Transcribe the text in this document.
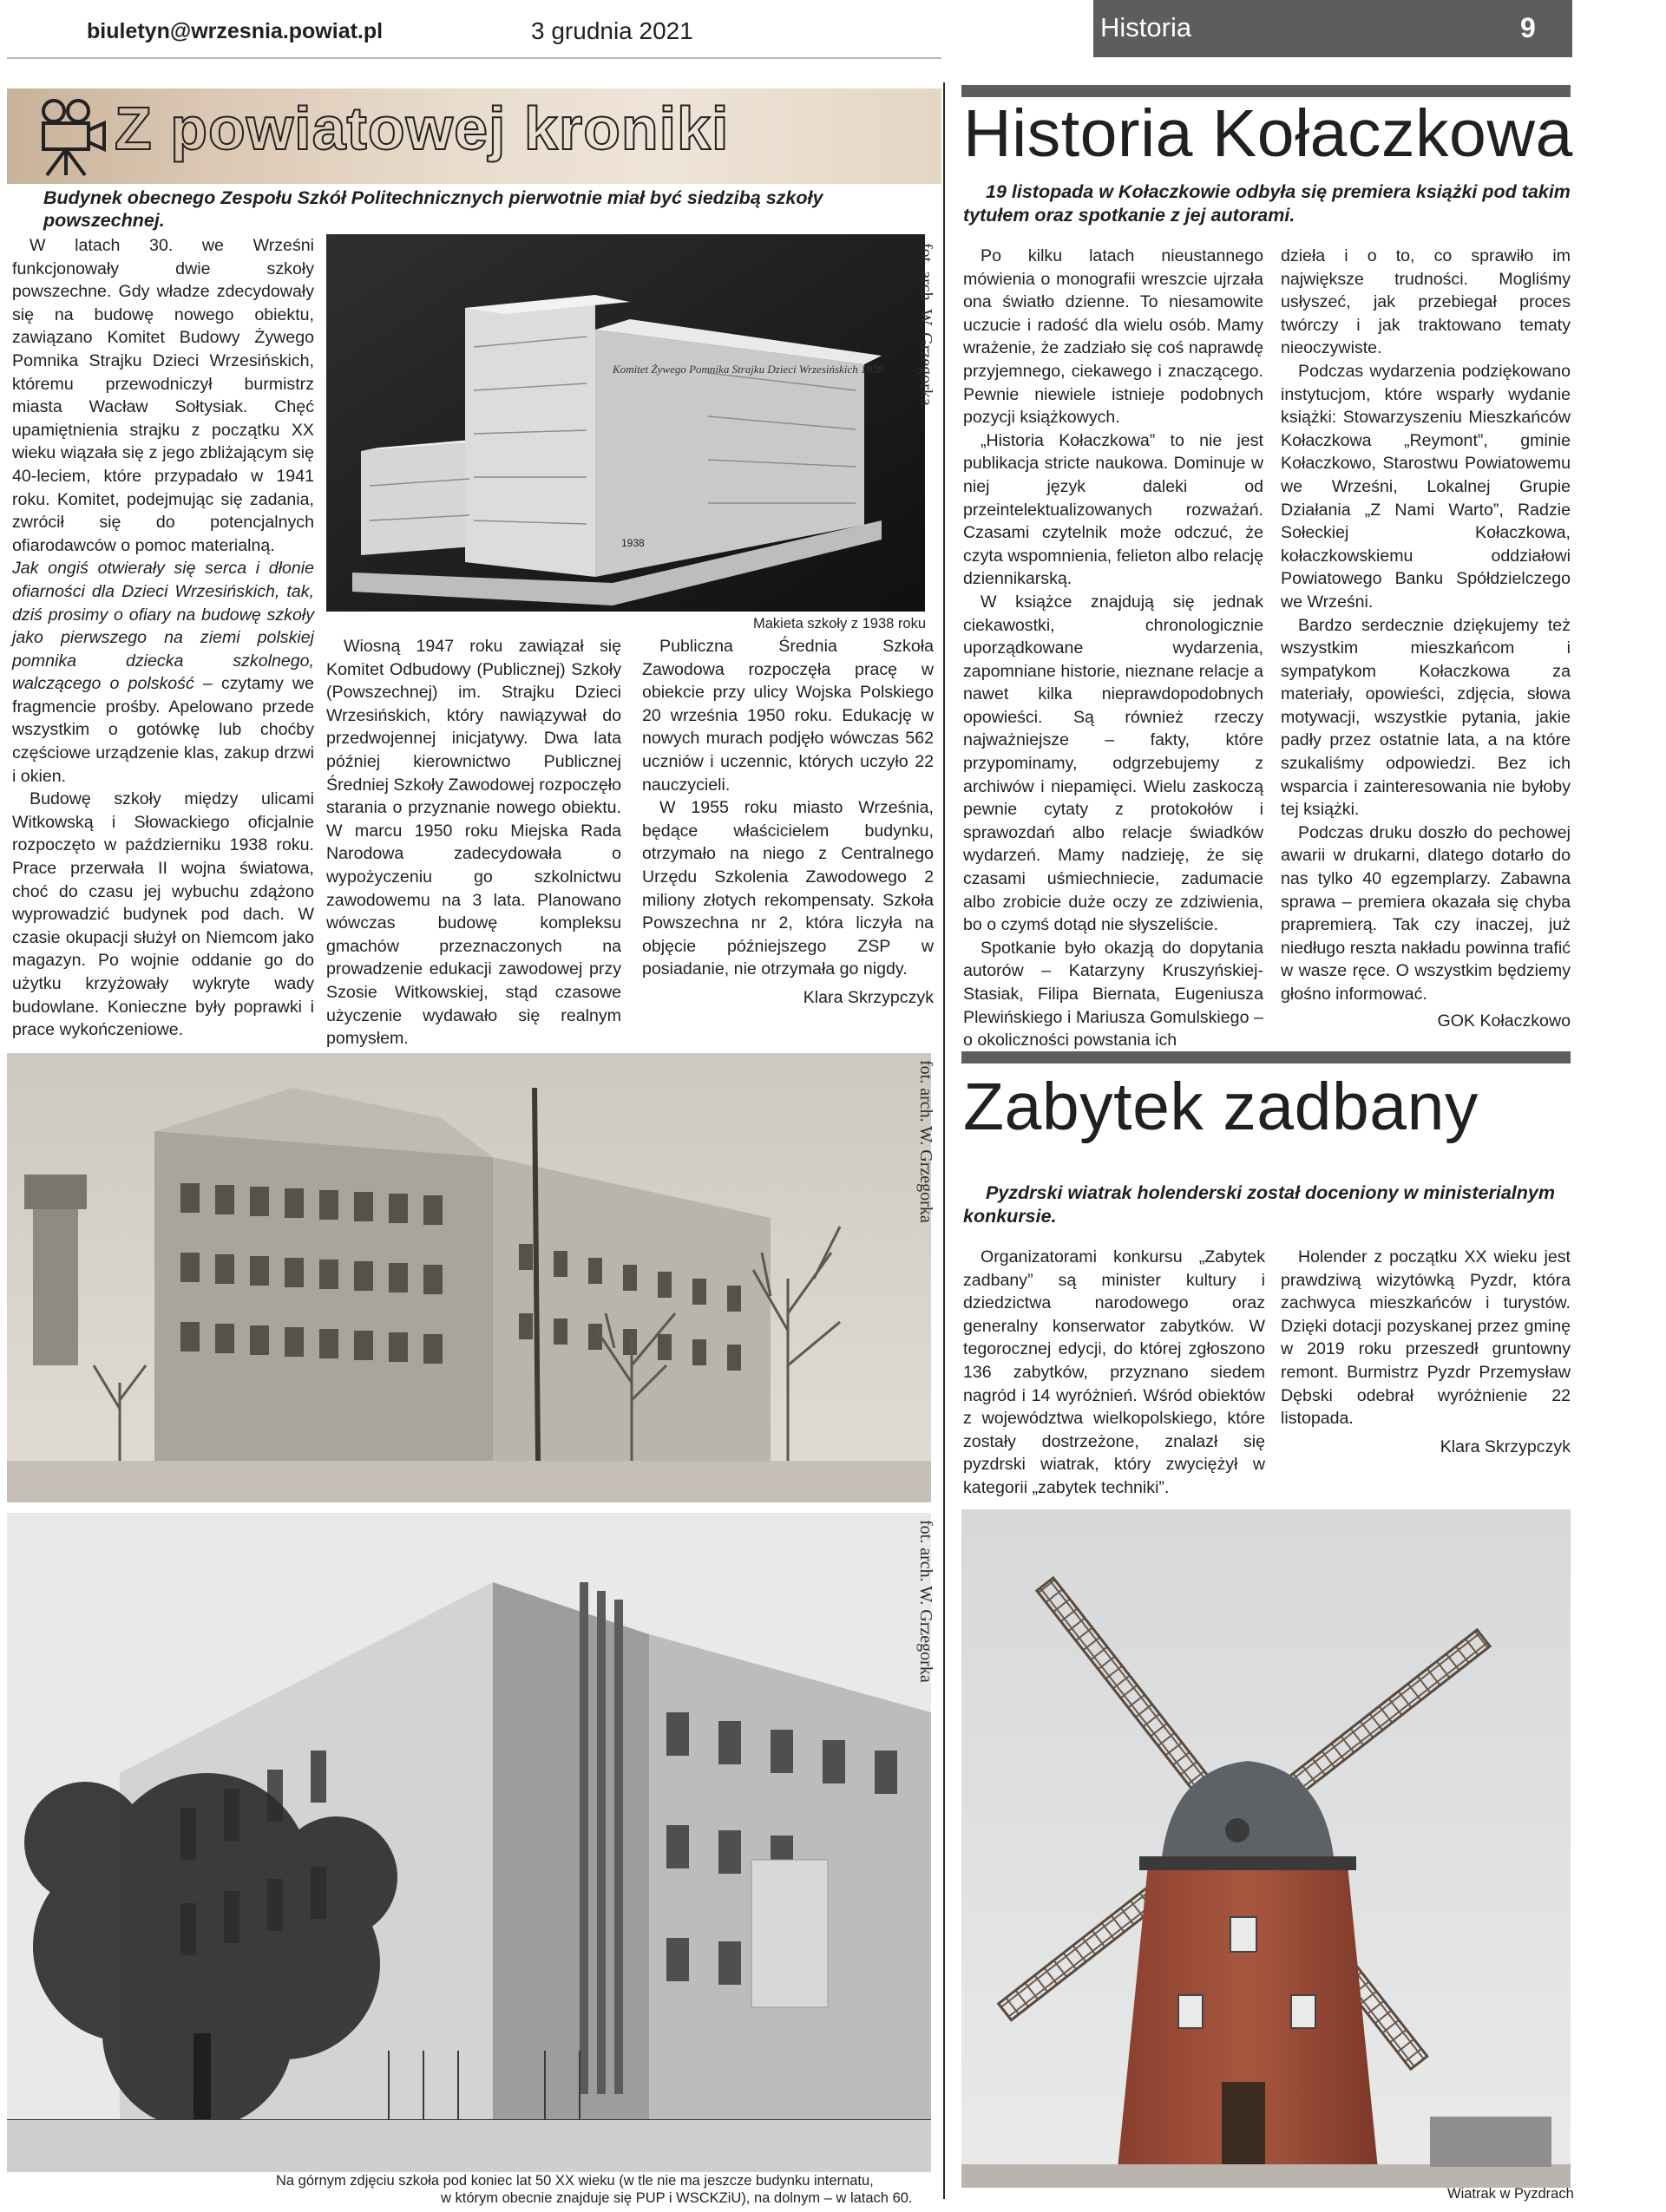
biuletyn@wrzesnia.powiat.pl	3 grudnia 2021	Historia	9
Z powiatowej kroniki
Budynek obecnego Zespołu Szkół Politechnicznych pierwotnie miał być siedzibą szkoły powszechnej.

W latach 30. we Wrześni funkcjonowały dwie szkoły powszechne. Gdy władze zdecydowały się na budowę nowego obiektu, zawiązano Komitet Budowy Żywego Pomnika Strajku Dzieci Wrzesińskich, któremu przewodniczył burmistrz miasta Wacław Sołtysiak. Chęć upamiętnienia strajku z początku XX wieku wiązała się z jego zbliżającym się 40-leciem, które przypadało w 1941 roku. Komitet, podejmując się zadania, zwrócił się do potencjalnych ofiarodawców o pomoc materialną.

Jak ongiś otwierały się serca i dłonie ofiarności dla Dzieci Wrzesińskich, tak, dziś prosimy o ofiary na budowę szkoły jako pierwszego na ziemi polskiej pomnika dziecka szkolnego, walczącego o polskość – czytamy we fragmencie prośby. Apelowano przede wszystkim o gotówkę lub choćby częściowe urządzenie klas, zakup drzwi i okien.

Budowę szkoły między ulicami Witkowską i Słowackiego oficjalnie rozpoczęto w październiku 1938 roku. Prace przerwała II wojna światowa, choć do czasu jej wybuchu zdążono wyprowadzić budynek pod dach. W czasie okupacji służył on Niemcom jako magazyn. Po wojnie oddanie go do użytku krzyżowały wykryte wady budowlane. Konieczne były poprawki i prace wykończeniowe.

Komitet Żywego Pomnika Strajku Dzieci Wrzesińskich 1938
1938
fot. arch. W. Grzegorka
Makieta szkoły z 1938 roku

Wiosną 1947 roku zawiązał się Komitet Odbudowy (Publicznej) Szkoły (Powszechnej) im. Strajku Dzieci Wrzesińskich, który nawiązywał do przedwojennej inicjatywy. Dwa lata później kierownictwo Publicznej Średniej Szkoły Zawodowej rozpoczęło starania o przyznanie nowego obiektu. W marcu 1950 roku Miejska Rada Narodowa zadecydowała o wypożyczeniu go szkolnictwu zawodowemu na 3 lata. Planowano wówczas budowę kompleksu gmachów przeznaczonych na prowadzenie edukacji zawodowej przy Szosie Witkowskiej, stąd czasowe użyczenie wydawało się realnym pomysłem.

Publiczna Średnia Szkoła Zawodowa rozpoczęła pracę w obiekcie przy ulicy Wojska Polskiego 20 września 1950 roku. Edukację w nowych murach podjęło wówczas 562 uczniów i uczennic, których uczyło 22 nauczycieli.

W 1955 roku miasto Września, będące właścicielem budynku, otrzymało na niego z Centralnego Urzędu Szkolenia Zawodowego 2 miliony złotych rekompensaty. Szkoła Powszechna nr 2, która liczyła na objęcie późniejszego ZSP w posiadanie, nie otrzymała go nigdy.

Klara Skrzypczyk
fot. arch. W. Grzegorka
fot. arch. W. Grzegorka
Na górnym zdjęciu szkoła pod koniec lat 50 XX wieku (w tle nie ma jeszcze budynku internatu,
w którym obecnie znajduje się PUP i WSCKZiU), na dolnym – w latach 60.
Historia Kołaczkowa
19 listopada w Kołaczkowie odbyła się premiera książki pod takim tytułem oraz spotkanie z jej autorami.

Po kilku latach nieustannego mówienia o monografii wreszcie ujrzała ona światło dzienne. To niesamowite uczucie i radość dla wielu osób. Mamy wrażenie, że zadziało się coś naprawdę przyjemnego, ciekawego i znaczącego. Pewnie niewiele istnieje podobnych pozycji książkowych.

„Historia Kołaczkowa” to nie jest publikacja stricte naukowa. Dominuje w niej język daleki od przeintelektualizowanych rozważań. Czasami czytelnik może odczuć, że czyta wspomnienia, felieton albo relację dziennikarską.

W książce znajdują się jednak ciekawostki, chronologicznie uporządkowane wydarzenia, zapomniane historie, nieznane relacje a nawet kilka nieprawdopodobnych opowieści. Są również rzeczy najważniejsze – fakty, które przypominamy, odgrzebujemy z archiwów i niepamięci. Wielu zaskoczą pewnie cytaty z protokołów i sprawozdań albo relacje świadków wydarzeń. Mamy nadzieję, że się czasami uśmiechniecie, zadumacie albo zrobicie duże oczy ze zdziwienia, bo o czymś dotąd nie słyszeliście.

Spotkanie było okazją do dopytania autorów – Katarzyny Kruszyńskiej-Stasiak, Filipa Biernata, Eugeniusza Plewińskiego i Mariusza Gomulskiego – o okoliczności powstania ich

dzieła i o to, co sprawiło im największe trudności. Mogliśmy usłyszeć, jak przebiegał proces twórczy i jak traktowano tematy nieoczywiste.

Podczas wydarzenia podziękowano instytucjom, które wsparły wydanie książki: Stowarzyszeniu Mieszkańców Kołaczkowa „Reymont”, gminie Kołaczkowo, Starostwu Powiatowemu we Wrześni, Lokalnej Grupie Działania „Z Nami Warto”, Radzie Sołeckiej Kołaczkowa, kołaczkowskiemu oddziałowi Powiatowego Banku Spółdzielczego we Wrześni.

Bardzo serdecznie dziękujemy też wszystkim mieszkańcom i sympatykom Kołaczkowa za materiały, opowieści, zdjęcia, słowa motywacji, wszystkie pytania, jakie padły przez ostatnie lata, a na które szukaliśmy odpowiedzi. Bez ich wsparcia i zainteresowania nie byłoby tej książki.

Podczas druku doszło do pechowej awarii w drukarni, dlatego dotarło do nas tylko 40 egzemplarzy. Zabawna sprawa – premiera okazała się chyba prapremierą. Tak czy inaczej, już niedługo reszta nakładu powinna trafić w wasze ręce. O wszystkim będziemy głośno informować.

GOK Kołaczkowo
Zabytek zadbany
Pyzdrski wiatrak holenderski został doceniony w ministerialnym konkursie.

Organizatorami konkursu „Zabytek zadbany” są minister kultury i dziedzictwa narodowego oraz generalny konserwator zabytków. W tegorocznej edycji, do której zgłoszono 136 zabytków, przyznano siedem nagród i 14 wyróżnień. Wśród obiektów z województwa wielkopolskiego, które zostały dostrzeżone, znalazł się pyzdrski wiatrak, który zwyciężył w kategorii „zabytek techniki”.

Holender z początku XX wieku jest prawdziwą wizytówką Pyzdr, która zachwyca mieszkańców i turystów. Dzięki dotacji pozyskanej przez gminę w 2019 roku przeszedł gruntowny remont. Burmistrz Pyzdr Przemysław Dębski odebrał wyróżnienie 22 listopada.

Klara Skrzypczyk
Wiatrak w Pyzdrach
